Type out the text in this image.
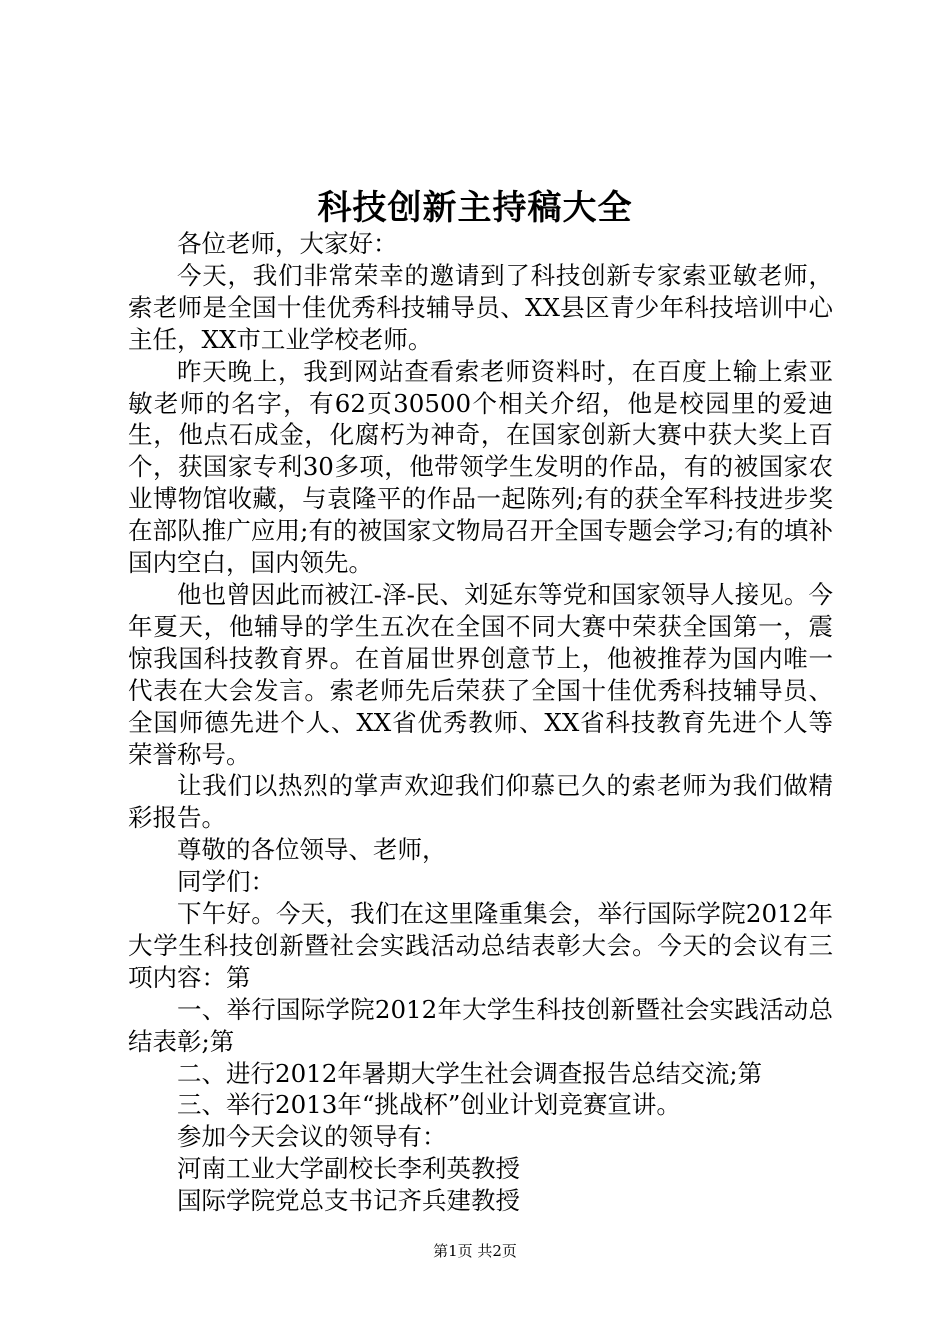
科技创新主持稿大全

各位老师，大家好：

今天，我们非常荣幸的邀请到了科技创新专家索亚敏老师，索老师是全国十佳优秀科技辅导员、XX县区青少年科技培训中心主任，XX市工业学校老师。

昨天晚上，我到网站查看索老师资料时，在百度上输上索亚敏老师的名字，有62页30500个相关介绍，他是校园里的爱迪生，他点石成金，化腐朽为神奇，在国家创新大赛中获大奖上百个，获国家专利30多项，他带领学生发明的作品，有的被国家农业博物馆收藏，与袁隆平的作品一起陈列;有的获全军科技进步奖在部队推广应用;有的被国家文物局召开全国专题会学习;有的填补国内空白，国内领先。

他也曾因此而被江-泽-民、刘延东等党和国家领导人接见。今年夏天，他辅导的学生五次在全国不同大赛中荣获全国第一，震惊我国科技教育界。在首届世界创意节上，他被推荐为国内唯一代表在大会发言。索老师先后荣获了全国十佳优秀科技辅导员、全国师德先进个人、XX省优秀教师、XX省科技教育先进个人等荣誉称号。

让我们以热烈的掌声欢迎我们仰慕已久的索老师为我们做精彩报告。

尊敬的各位领导、老师，

同学们：

下午好。今天，我们在这里隆重集会，举行国际学院2012年大学生科技创新暨社会实践活动总结表彰大会。今天的会议有三项内容：第

一、举行国际学院2012年大学生科技创新暨社会实践活动总结表彰;第

二、进行2012年暑期大学生社会调查报告总结交流;第

三、举行2013年“挑战杯”创业计划竞赛宣讲。

参加今天会议的领导有：

河南工业大学副校长李利英教授

国际学院党总支书记齐兵建教授

第1页 共2页
